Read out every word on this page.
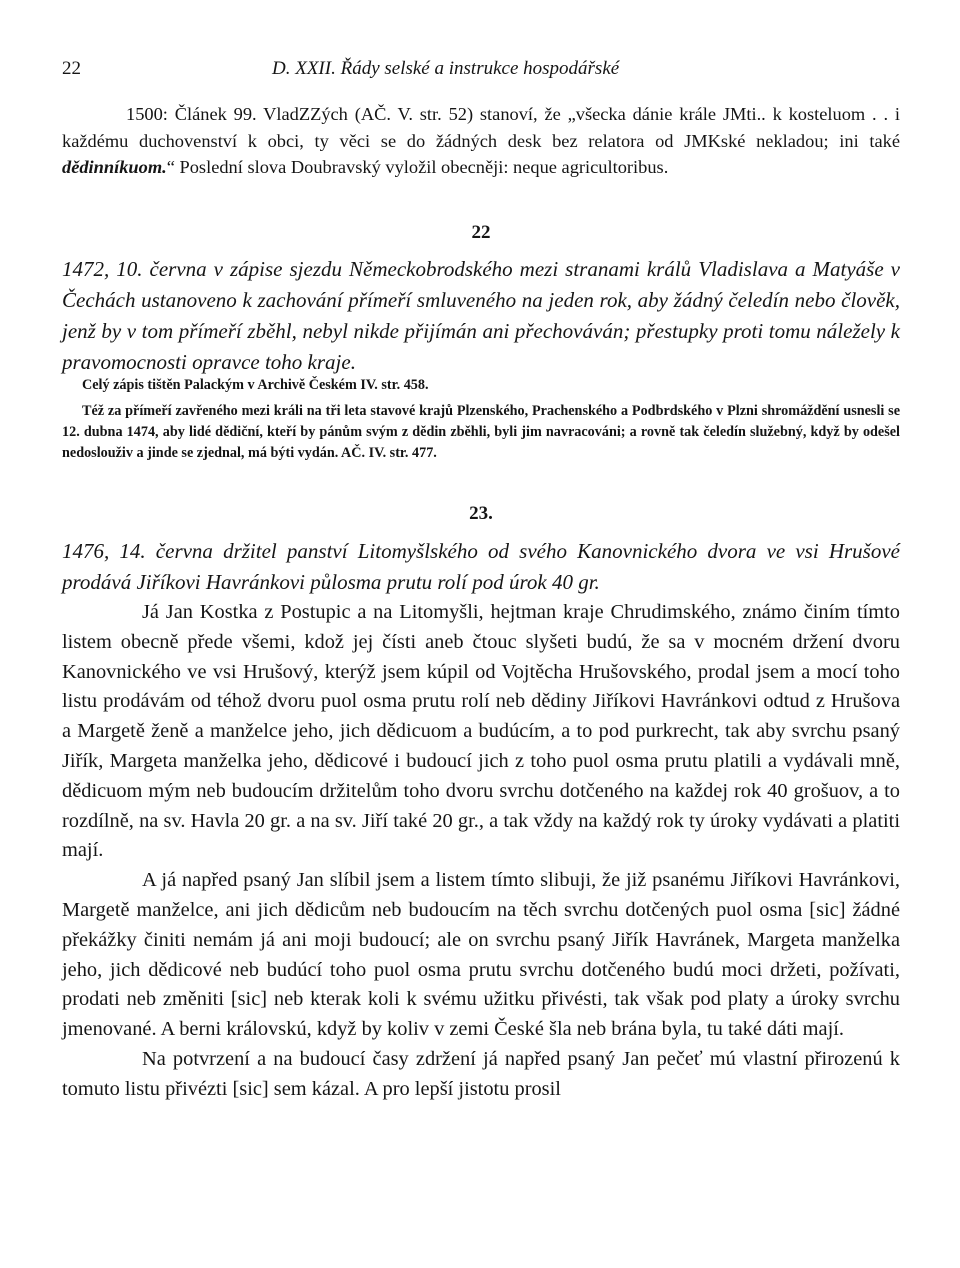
22	D. XXII. Řády selské a instrukce hospodářské

1500: Článek 99. VladZZých (AČ. V. str. 52) stanoví, že „všecka dánie krále JMti.. k kosteluom . . i každému duchovenství k obci, ty věci se do žádných desk bez relatora od JMKské nekladou; ini také dědinníkuom.“ Poslední slova Doubravský vyložil obecněji: neque agricultoribus.

22

1472, 10. června v zápise sjezdu Německobrodského mezi stranami králů Vladislava a Matyáše v Čechách ustanoveno k zachování přímeří smluveného na jeden rok, aby žádný čeledín nebo člověk, jenž by v tom přímeří zběhl, nebyl nikde přijímán ani přechováván; přestupky proti tomu náležely k pravomocnosti opravce toho kraje.

Celý zápis tištěn Palackým v Archivě Českém IV. str. 458.

Též za přímeří zavřeného mezi králi na tři leta stavové krajů Plzenského, Prachenského a Podbrdského v Plzni shromáždění usnesli se 12. dubna 1474, aby lidé dědiční, kteří by pánům svým z dědin zběhli, byli jim navracováni; a rovně tak čeledín služebný, když by odešel nedoslouživ a jinde se zjednal, má býti vydán. AČ. IV. str. 477.

23.

1476, 14. června držitel panství Litomyšlského od svého Kanovnického dvora ve vsi Hrušové prodává Jiříkovi Havránkovi půlosma prutu rolí pod úrok 40 gr.

Já Jan Kostka z Postupic a na Litomyšli, hejtman kraje Chrudimského, známo činím tímto listem obecně přede všemi, kdož jej čísti aneb čtouc slyšeti budú, že sa v mocném držení dvoru Kanovnického ve vsi Hrušový, kterýž jsem kúpil od Vojtěcha Hrušovského, prodal jsem a mocí toho listu prodávám od téhož dvoru puol osma prutu rolí neb dědiny Jiříkovi Havránkovi odtud z Hrušova a Margetě ženě a manželce jeho, jich dědicuom a budúcím, a to pod purkrecht, tak aby svrchu psaný Jiřík, Margeta manželka jeho, dědicové i budoucí jich z toho puol osma prutu platili a vydávali mně, dědicuom mým neb budoucím držitelům toho dvoru svrchu dotčeného na každej rok 40 grošuov, a to rozdílně, na sv. Havla 20 gr. a na sv. Jiří také 20 gr., a tak vždy na každý rok ty úroky vydávati a platiti mají.

A já napřed psaný Jan slíbil jsem a listem tímto slibuji, že již psanému Jiříkovi Havránkovi, Margetě manželce, ani jich dědicům neb budoucím na těch svrchu dotčených puol osma [sic] žádné překážky činiti nemám já ani moji budoucí; ale on svrchu psaný Jiřík Havránek, Margeta manželka jeho, jich dědicové neb budúcí toho puol osma prutu svrchu dotčeného budú moci držeti, požívati, prodati neb změniti [sic] neb kterak koli k svému užitku přivésti, tak však pod platy a úroky svrchu jmenované. A berni královskú, když by koliv v zemi České šla neb brána byla, tu také dáti mají.

Na potvrzení a na budoucí časy zdržení já napřed psaný Jan pečeť mú vlastní přirozenú k tomuto listu přivézti [sic] sem kázal. A pro lepší jistotu prosil
